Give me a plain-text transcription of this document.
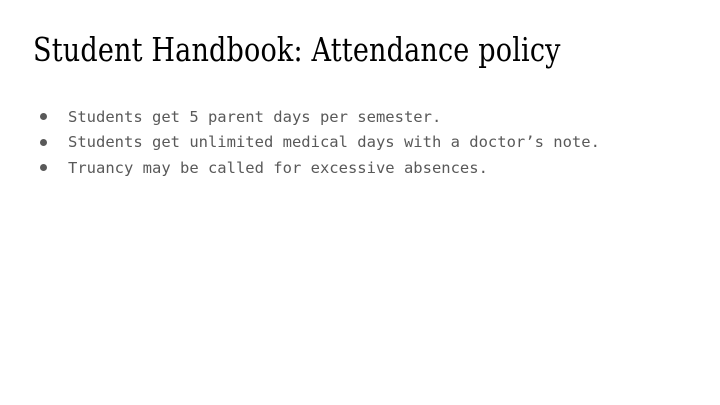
Student Handbook: Attendance policy
Students get 5 parent days per semester.
Students get unlimited medical days with a doctor’s note.
Truancy may be called for excessive absences.
